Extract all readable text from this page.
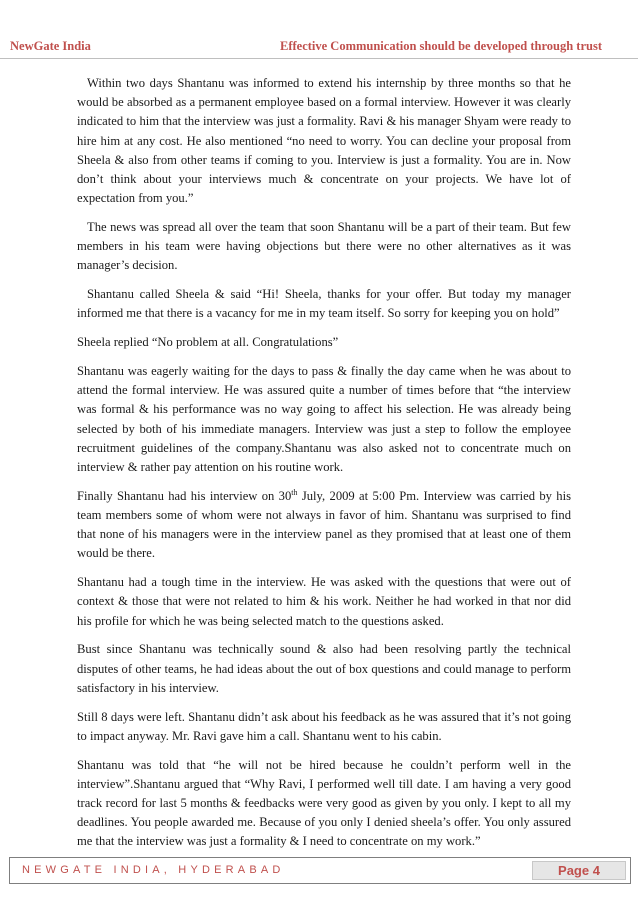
NewGate India	Effective Communication should be developed through trust

Within two days Shantanu was informed to extend his internship by three months so that he would be absorbed as a permanent employee based on a formal interview. However it was clearly indicated to him that the interview was just a formality. Ravi & his manager Shyam were ready to hire him at any cost. He also mentioned “no need to worry. You can decline your proposal from Sheela & also from other teams if coming to you. Interview is just a formality. You are in. Now don’t think about your interviews much & concentrate on your projects. We have lot of expectation from you.”

The news was spread all over the team that soon Shantanu will be a part of their team. But few members in his team were having objections but there were no other alternatives as it was manager’s decision.

Shantanu called Sheela & said “Hi! Sheela, thanks for your offer. But today my manager informed me that there is a vacancy for me in my team itself. So sorry for keeping you on hold”

Sheela replied “No problem at all. Congratulations”

Shantanu was eagerly waiting for the days to pass & finally the day came when he was about to attend the formal interview. He was assured quite a number of times before that “the interview was formal & his performance was no way going to affect his selection. He was already being selected by both of his immediate managers. Interview was just a step to follow the employee recruitment guidelines of the company.Shantanu was also asked not to concentrate much on interview & rather pay attention on his routine work.

Finally Shantanu had his interview on 30th July, 2009 at 5:00 Pm. Interview was carried by his team members some of whom were not always in favor of him. Shantanu was surprised to find that none of his managers were in the interview panel as they promised that at least one of them would be there.

Shantanu had a tough time in the interview. He was asked with the questions that were out of context & those that were not related to him & his work. Neither he had worked in that nor did his profile for which he was being selected match to the questions asked.

Bust since Shantanu was technically sound & also had been resolving partly the technical disputes of other teams, he had ideas about the out of box questions and could manage to perform satisfactory in his interview.

Still 8 days were left. Shantanu didn’t ask about his feedback as he was assured that it’s not going to impact anyway. Mr. Ravi gave him a call. Shantanu went to his cabin.

Shantanu was told that “he will not be hired because he couldn’t perform well in the interview”.Shantanu argued that “Why Ravi, I performed well till date. I am having a very good track record for last 5 months & feedbacks were very good as given by you only. I kept to all my deadlines. You people awarded me. Because of you only I denied sheela’s offer. You only assured me that the interview was just a formality & I need to concentrate on my work.”

NEWGATE INDIA, HYDERABAD	Page 4
